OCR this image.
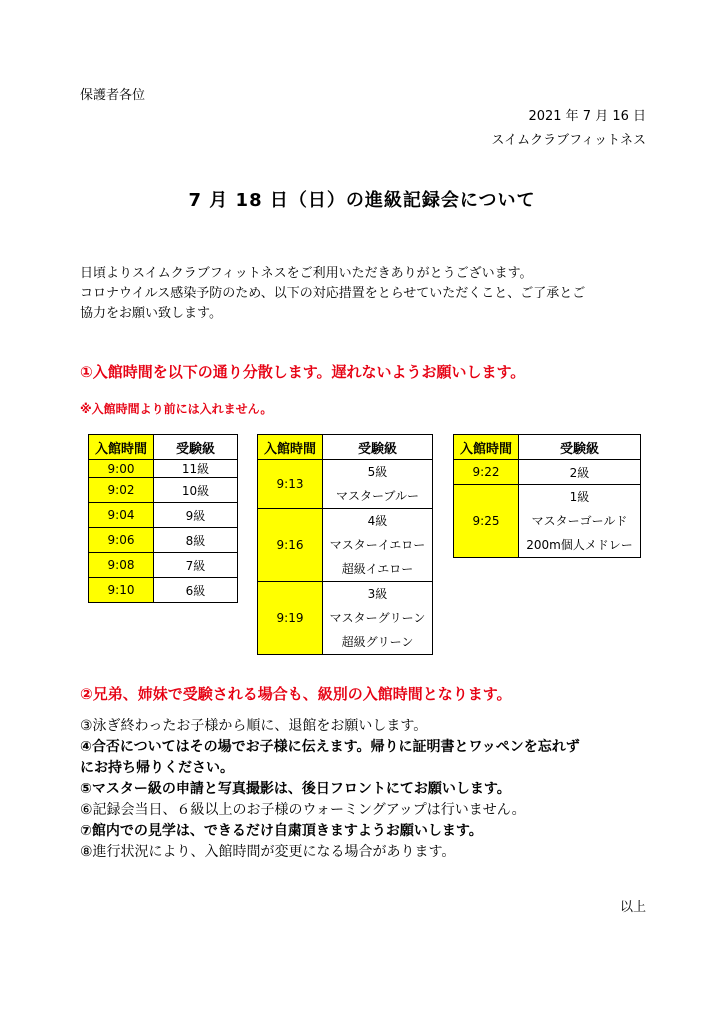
保護者各位
2021 年 7 月 16 日
スイムクラブフィットネス
7 月 18 日（日）の進級記録会について
日頃よりスイムクラブフィットネスをご利用いただきありがとうございます。
コロナウイルス感染予防のため、以下の対応措置をとらせていただくこと、ご了承とご
協力をお願い致します。
①入館時間を以下の通り分散します。遅れないようお願いします。
※入館時間より前には入れません。
入館時間	受験級
9:00	11級
9:02	10級
9:04	9級
9:06	8級
9:08	7級
9:10	6級
入館時間	受験級
9:13	5級
マスターブルー

9:16	4級
マスターイエロー
超級イエロー

9:19	3級
マスターグリーン
超級グリーン
入館時間	受験級
9:22	2級
9:25	1級
マスターゴールド
200m個人メドレー
②兄弟、姉妹で受験される場合も、級別の入館時間となります。
③泳ぎ終わったお子様から順に、退館をお願いします。
④合否についてはその場でお子様に伝えます。帰りに証明書とワッペンを忘れず
にお持ち帰りください。
⑤マスター級の申請と写真撮影は、後日フロントにてお願いします。
⑥記録会当日、６級以上のお子様のウォーミングアップは行いません。
⑦館内での見学は、できるだけ自粛頂きますようお願いします。
⑧進行状況により、入館時間が変更になる場合があります。
以上
